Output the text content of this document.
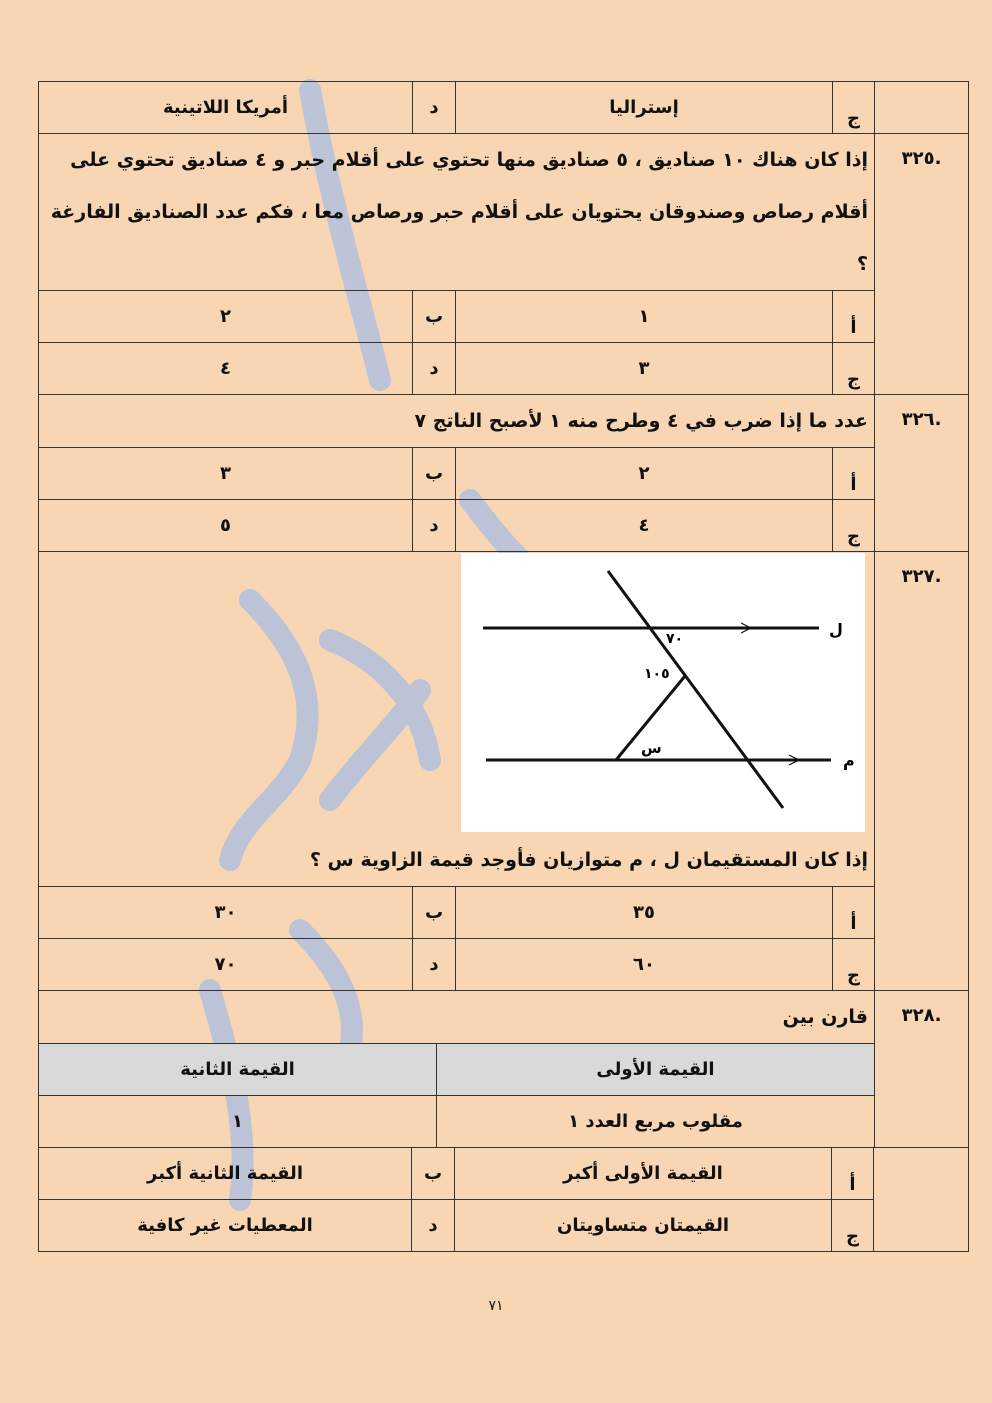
ج
إستراليا
د
أمريكا اللاتينية
.٣٢٥
إذا كان هناك ١٠ صناديق ، ٥ صناديق منها تحتوي على أقلام حبر و ٤ صناديق تحتوي على أقلام رصاص وصندوقان يحتويان على أقلام حبر ورصاص معا ، فكم عدد الصناديق الفارغة ؟
أ
١
ب
٢
ج
٣
د
٤
.٣٢٦
عدد ما إذا ضرب في ٤ وطرح منه ١ لأصبح الناتج ٧
أ
٢
ب
٣
ج
٤
د
٥
.٣٢٧
إذا كان المستقيمان ل ، م متوازيان فأوجد قيمة الزاوية س ؟
أ
٣٥
ب
٣٠
ج
٦٠
د
٧٠
.٣٢٨
قارن بين
القيمة الأولى
القيمة الثانية
مقلوب مربع العدد ١
١
أ
القيمة الأولى أكبر
ب
القيمة الثانية أكبر
ج
القيمتان متساويتان
د
المعطيات غير كافية
ل
م
٧٠
١٠٥
س
٧١
